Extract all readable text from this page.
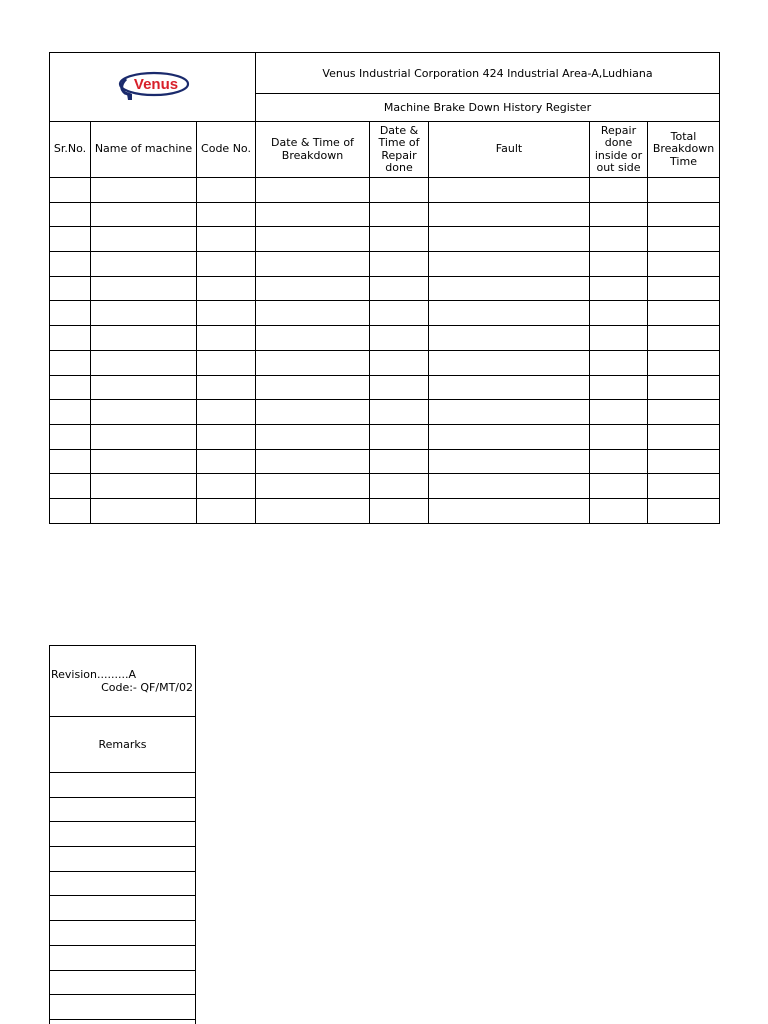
Venus			Venus Industrial Corporation 424 Industrial Area-A,Ludhiana				
			Machine Brake Down History Register				
Sr.No.	Name of machine	Code No.	Date & Time of Breakdown	Date & Time of Repair done	Fault	Repair done inside or out side	Total Breakdown Time

Revision.........A
Code:- QF/MT/02

Remarks
